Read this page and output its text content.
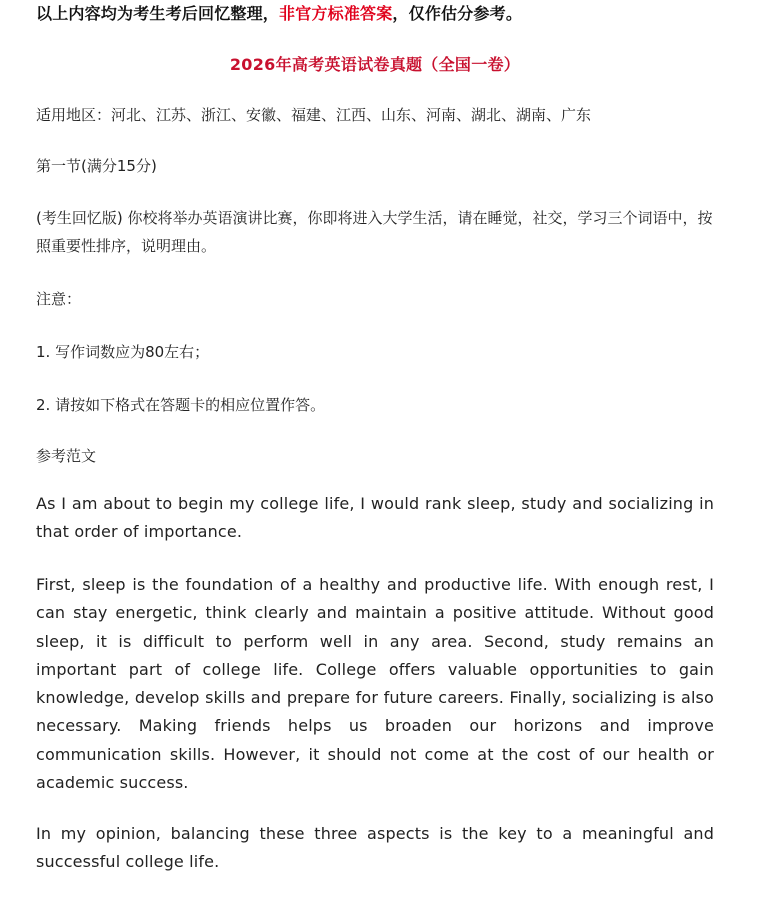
以上内容均为考生考后回忆整理，非官方标准答案，仅作估分参考。
2026年高考英语试卷真题（全国一卷）
适用地区：河北、江苏、浙江、安徽、福建、江西、山东、河南、湖北、湖南、广东
第一节(满分15分)
(考生回忆版) 你校将举办英语演讲比赛，你即将进入大学生活，请在睡觉，社交，学习三个词语中，按照重要性排序，说明理由。
注意：
1. 写作词数应为80左右；
2. 请按如下格式在答题卡的相应位置作答。
参考范文
As I am about to begin my college life, I would rank sleep, study and socializing in that order of importance.
First, sleep is the foundation of a healthy and productive life. With enough rest, I can stay energetic, think clearly and maintain a positive attitude. Without good sleep, it is difficult to perform well in any area. Second, study remains an important part of college life. College offers valuable opportunities to gain knowledge, develop skills and prepare for future careers. Finally, socializing is also necessary. Making friends helps us broaden our horizons and improve communication skills. However, it should not come at the cost of our health or academic success.
In my opinion, balancing these three aspects is the key to a meaningful and successful college life.
